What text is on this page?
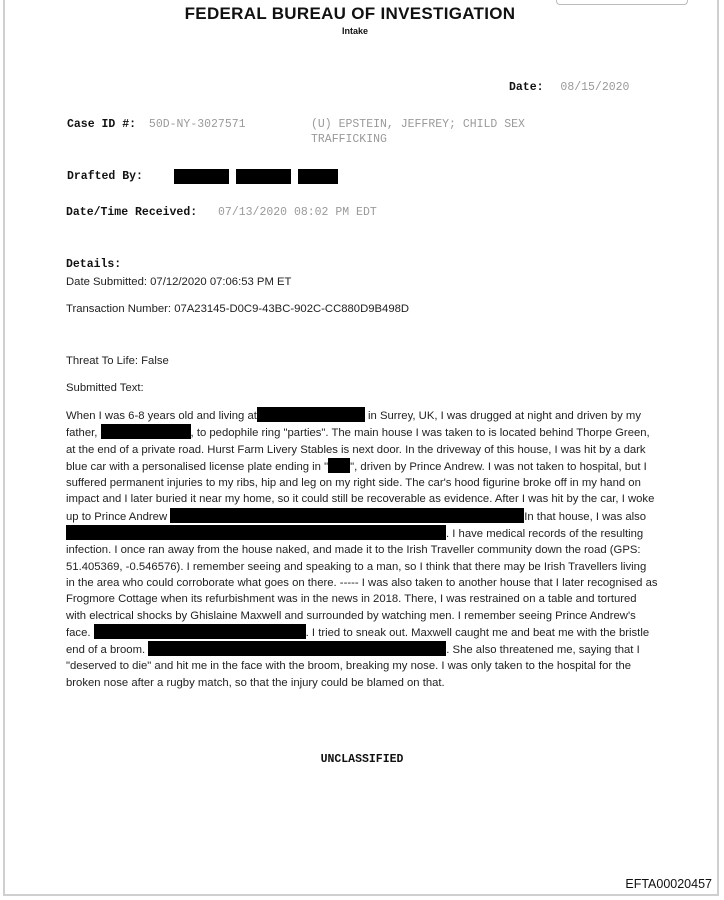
FEDERAL BUREAU OF INVESTIGATION
Intake
Date: 08/15/2020
Case ID #: 50D-NY-3027571	(U) EPSTEIN, JEFFREY; CHILD SEX
TRAFFICKING
Drafted By:
Date/Time Received: 07/13/2020 08:02 PM EDT
Details:
Date Submitted: 07/12/2020 07:06:53 PM ET
Transaction Number: 07A23145-D0C9-43BC-902C-CC880D9B498D
Threat To Life: False
Submitted Text:
When I was 6-8 years old and living at	in Surrey, UK, I was drugged at night and driven by my father,	, to pedophile ring "parties". The main house I was taken to is located behind Thorpe Green, at the end of a private road. Hurst Farm Livery Stables is next door. In the driveway of this house, I was hit by a dark blue car with a personalised license plate ending in " ", driven by Prince Andrew. I was not taken to hospital, but I suffered permanent injuries to my ribs, hip and leg on my right side. The car's hood figurine broke off in my hand on impact and I later buried it near my home, so it could still be recoverable as evidence. After I was hit by the car, I woke up to Prince Andrew	In that house, I was also . I have medical records of the resulting infection. I once ran away from the house naked, and made it to the Irish Traveller community down the road (GPS: 51.405369, -0.546576). I remember seeing and speaking to a man, so I think that there may be Irish Travellers living in the area who could corroborate what goes on there. ----- I was also taken to another house that I later recognised as Frogmore Cottage when its refurbishment was in the news in 2018. There, I was restrained on a table and tortured with electrical shocks by Ghislaine Maxwell and surrounded by watching men. I remember seeing Prince Andrew's face.	. I tried to sneak out. Maxwell caught me and beat me with the bristle end of a broom.	. She also threatened me, saying that I "deserved to die" and hit me in the face with the broom, breaking my nose. I was only taken to the hospital for the broken nose after a rugby match, so that the injury could be blamed on that.
UNCLASSIFIED
EFTA00020457
